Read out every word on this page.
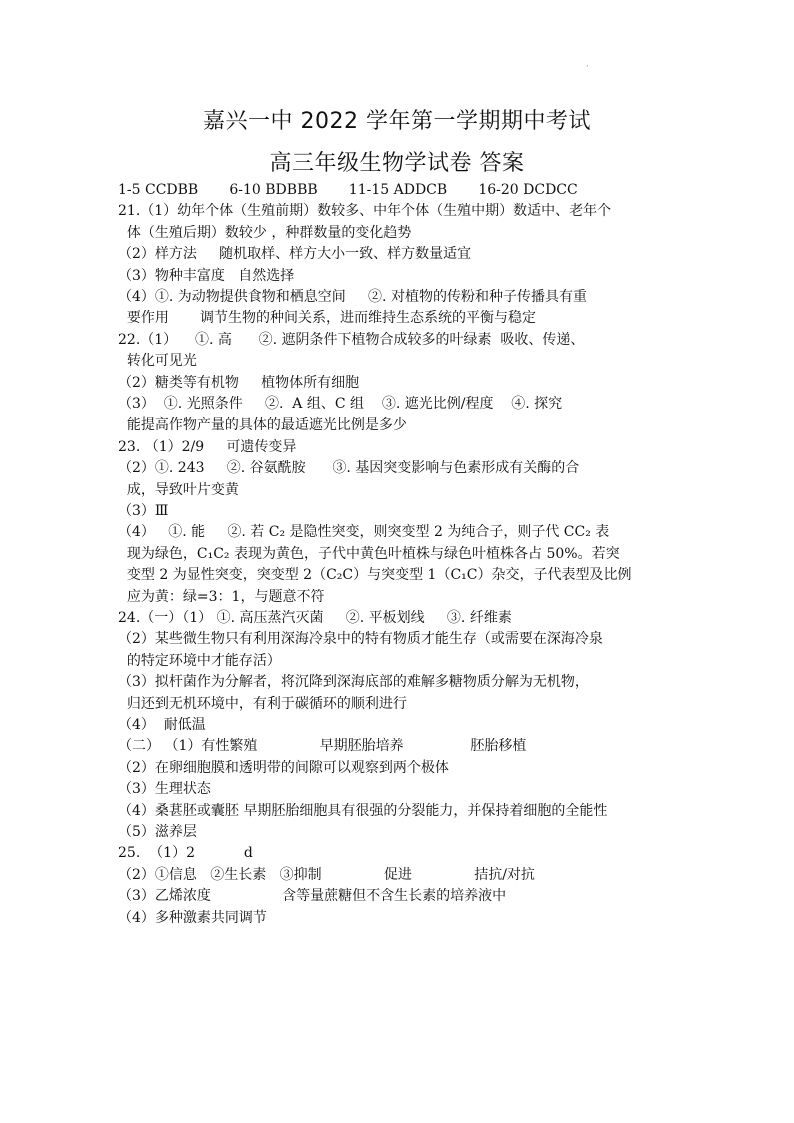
·
嘉兴一中 2022 学年第一学期期中考试
高三年级生物学试卷 答案
1-5 CCDBB       6-10 BDBBB       11-15 ADDCB       16-20 DCDCC
21.（1）幼年个体（生殖前期）数较多、中年个体（生殖中期）数适中、老年个
体（生殖后期）数较少 ，种群数量的变化趋势
（2）样方法     随机取样、样方大小一致、样方数量适宜
（3）物种丰富度   自然选择
（4）①. 为动物提供食物和栖息空间     ②. 对植物的传粉和种子传播具有重
要作用       调节生物的种间关系，进而维持生态系统的平衡与稳定
22.（1）    ①. 高      ②. 遮阴条件下植物合成较多的叶绿素  吸收、传递、
转化可见光
（2）糖类等有机物     植物体所有细胞
（3）  ①. 光照条件     ②.  A 组、C 组    ③. 遮光比例/程度    ④. 探究
能提高作物产量的具体的最适遮光比例是多少
23. （1）2/9     可遗传变异
（2）①. 243     ②. 谷氨酰胺      ③. 基因突变影响与色素形成有关酶的合
成，导致叶片变黄
（3）Ⅲ
（4）   ①. 能     ②. 若 C₂ 是隐性突变，则突变型 2 为纯合子，则子代 CC₂ 表
现为绿色，C₁C₂ 表现为黄色，子代中黄色叶植株与绿色叶植株各占 50%。若突
变型 2 为显性突变，突变型 2（C₂C）与突变型 1（C₁C）杂交，子代表型及比例
应为黄：绿=3：1，与题意不符
24.（一）（1） ①. 高压蒸汽灭菌     ②. 平板划线     ③. 纤维素
（2）某些微生物只有利用深海冷泉中的特有物质才能生存（或需要在深海冷泉
的特定环境中才能存活）
（3）拟杆菌作为分解者，将沉降到深海底部的难解多糖物质分解为无机物，
归还到无机环境中，有利于碳循环的顺利进行
（4）  耐低温
（二） （1）有性繁殖              早期胚胎培养               胚胎移植
（2）在卵细胞膜和透明带的间隙可以观察到两个极体
（3）生理状态
（4）桑葚胚或囊胚 早期胚胎细胞具有很强的分裂能力，并保持着细胞的全能性
（5）滋养层
25.  （1）2           d
（2）①信息   ②生长素   ③抑制              促进              拮抗/对抗
（3）乙烯浓度                含等量蔗糖但不含生长素的培养液中
（4）多种激素共同调节
